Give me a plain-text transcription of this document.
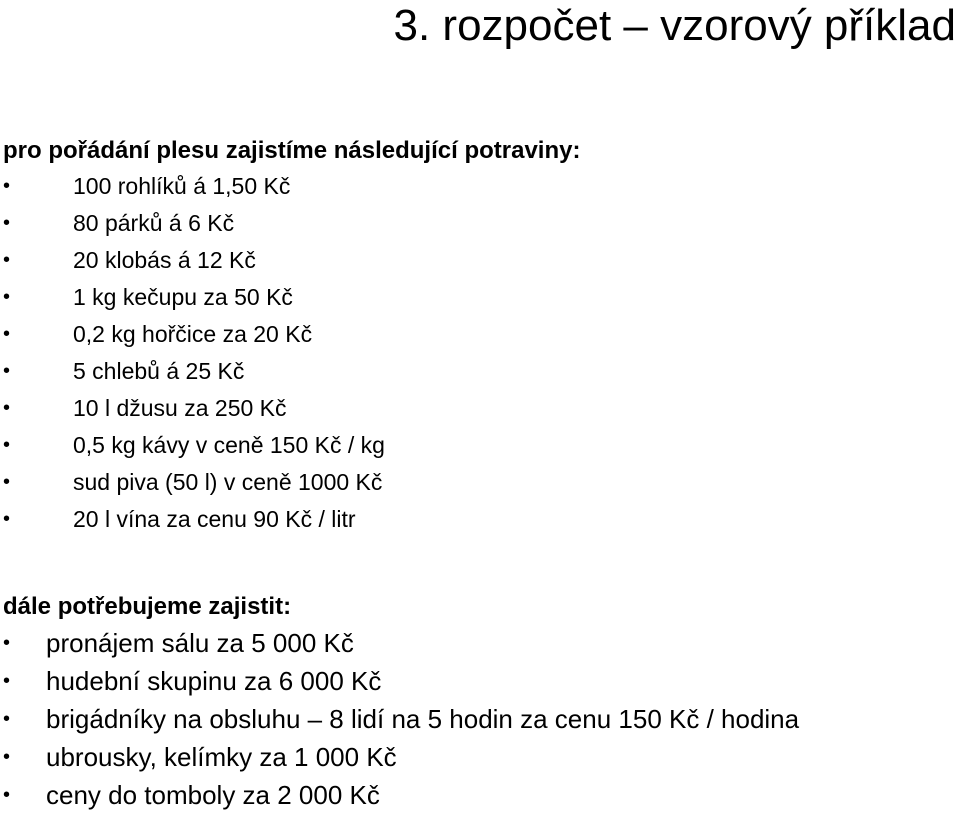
3. rozpočet – vzorový příklad

pro pořádání plesu zajistíme následující potraviny:

•	100 rohlíků á 1,50 Kč
•	80 párků á 6 Kč
•	20 klobás á 12 Kč
•	1 kg kečupu za 50 Kč
•	0,2 kg hořčice za 20 Kč
•	5 chlebů á 25 Kč
•	10 l džusu za 250 Kč
•	0,5 kg kávy v ceně 150 Kč / kg
•	sud piva (50 l) v ceně 1000 Kč
•	20 l vína za cenu 90 Kč / litr

dále potřebujeme zajistit:

• pronájem sálu za 5 000 Kč
• hudební skupinu za 6 000 Kč
• brigádníky na obsluhu – 8 lidí na 5 hodin za cenu 150 Kč / hodina
• ubrousky, kelímky za 1 000 Kč
• ceny do tomboly za 2 000 Kč
